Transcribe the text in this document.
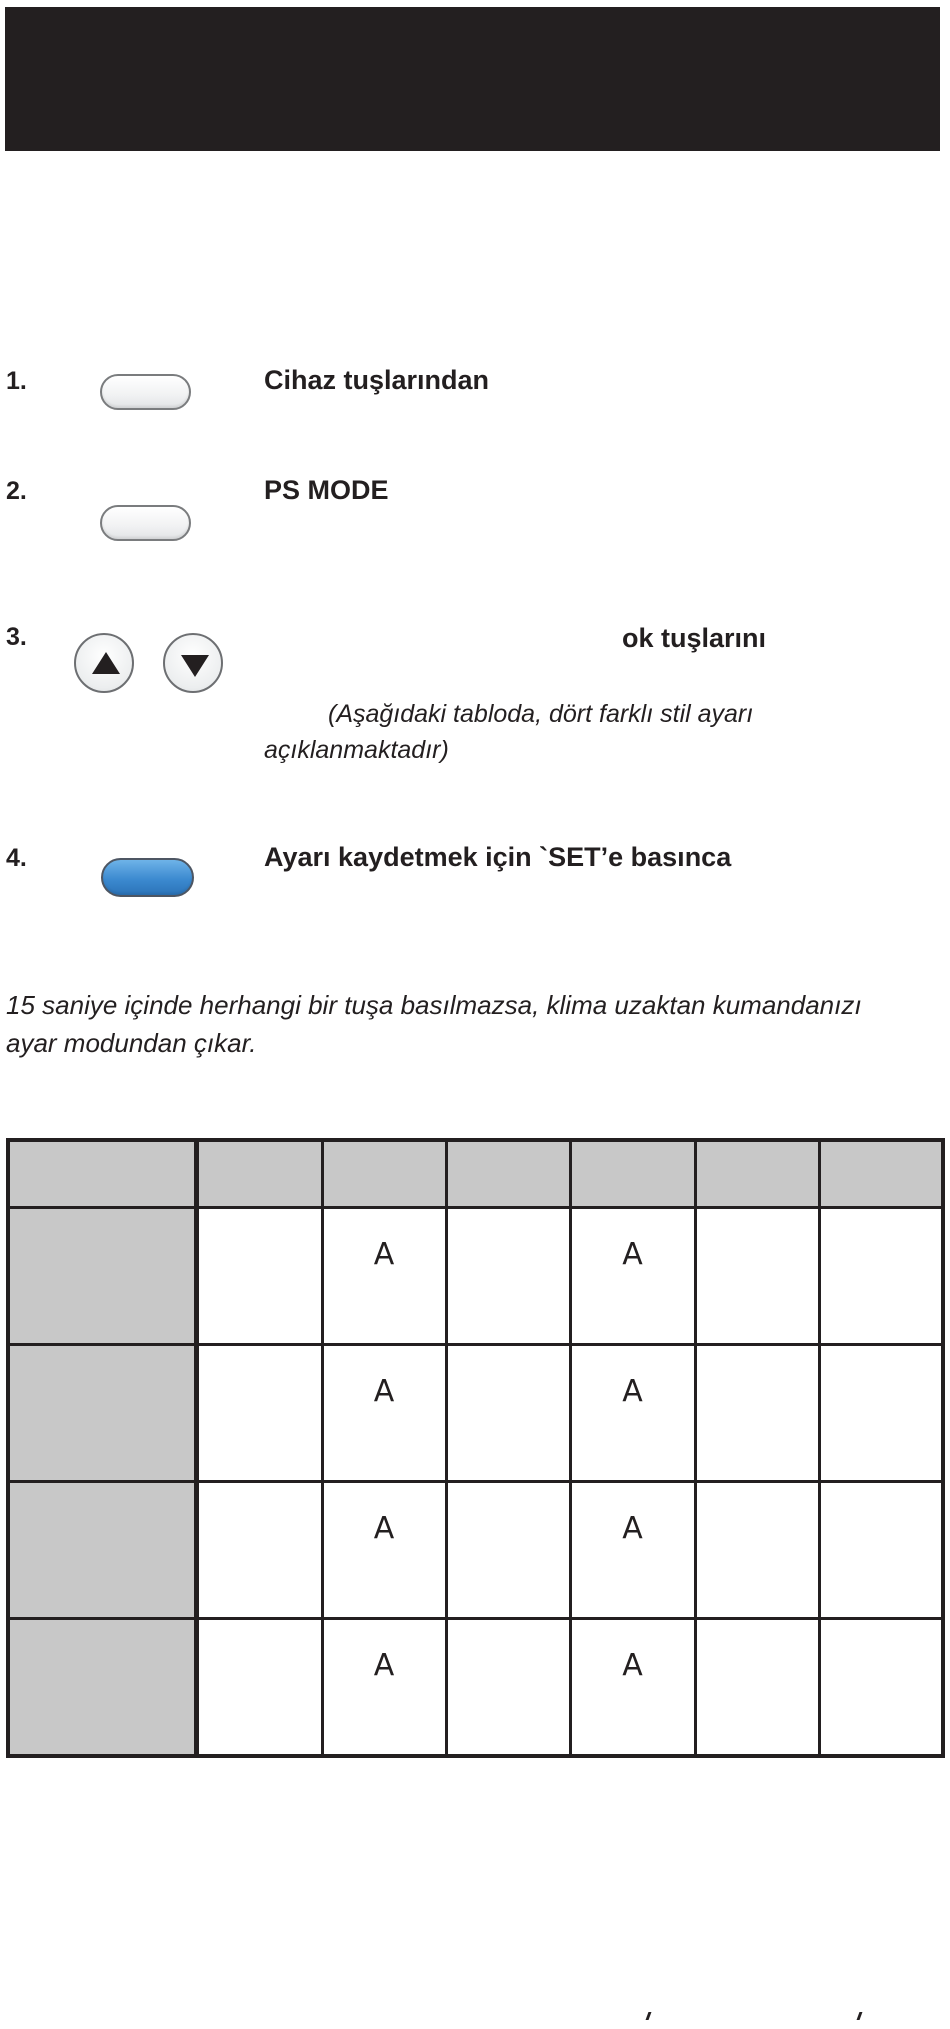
1.	Cihaz tuşlarından
2.	PS MODE
3.	ok tuşlarını
(Aşağıdaki tabloda, dört farklı stil ayarı
açıklanmaktadır)
4.	Ayarı kaydetmek için `SET’e basınca
15 saniye içinde herhangi bir tuşa basılmazsa, klima uzaktan kumandanızı
ayar modundan çıkar.

		A		A		

		A		A		

		A		A		

		A		A		
